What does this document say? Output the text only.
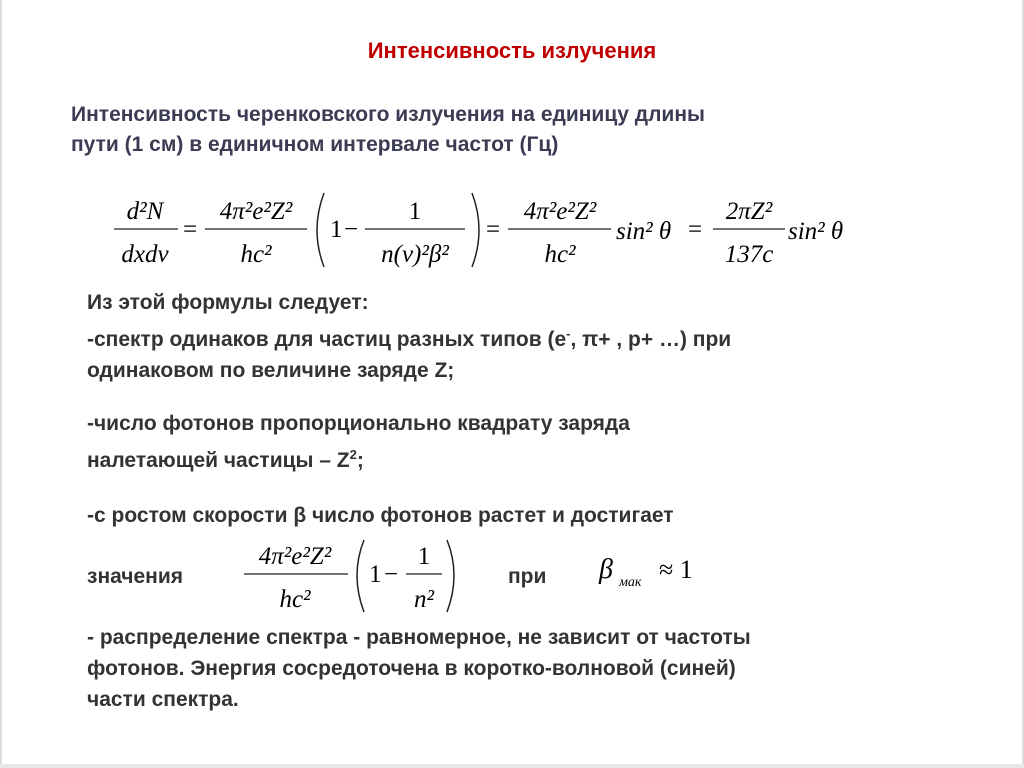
Интенсивность излучения
Интенсивность черенковского излучения на единицу длины
пути (1 см) в единичном интервале частот (Гц)
d²N
dxdν
=
4π²e²Z²
hc²
1 −
1
n(ν)²β²
=
4π²e²Z²
hc²
sin² θ =
2πZ²
137c
sin² θ
Из этой формулы следует:
-спектр одинаков для частиц разных типов (е-, π+ , р+ …) при
одинаковом по величине заряде Z;
-число фотонов пропорционально квадрату заряда
налетающей частицы – $Z^2$;
-с ростом скорости β число фотонов растет и достигает
значения	при
4π²e²Z²
hc²
1 −
1
n²
β мак ≈ 1
- распределение спектра - равномерное, не зависит от частоты
фотонов. Энергия сосредоточена в коротко-волновой (синей)
части спектра.
